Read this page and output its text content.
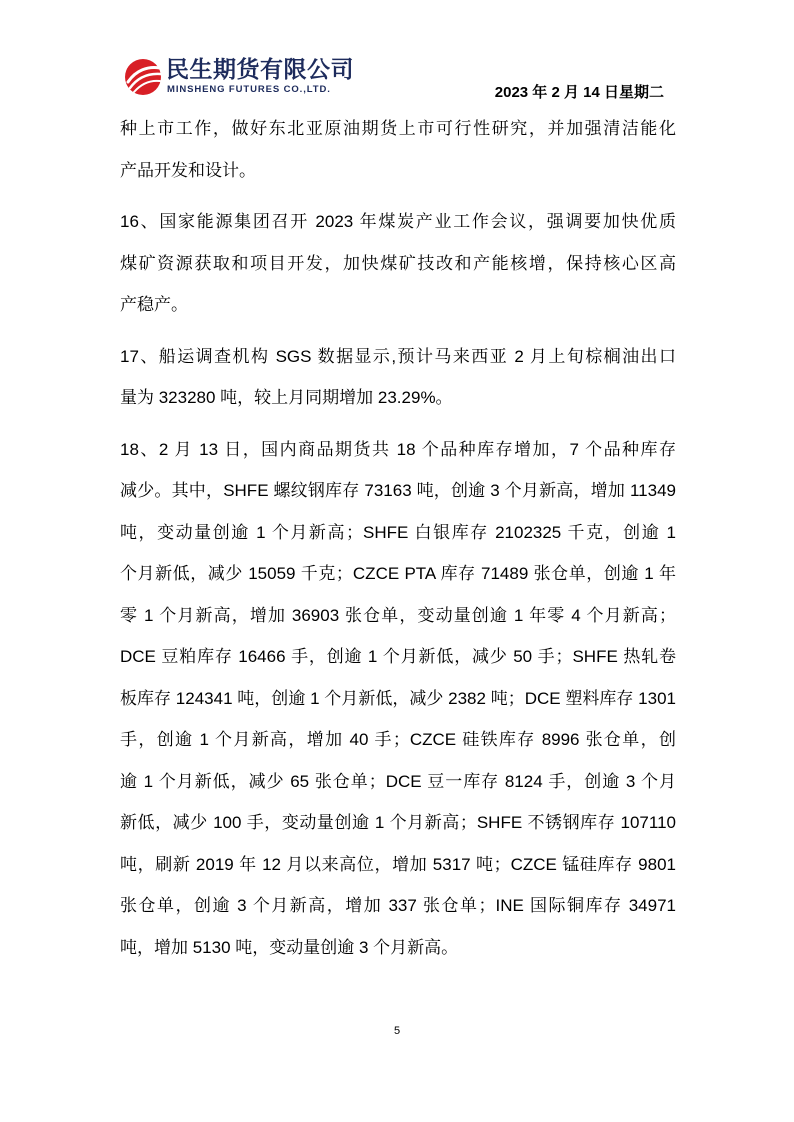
民生期货有限公司
MINSHENG FUTURES CO.,LTD.	2023 年 2 月 14 日星期二
种上市工作，做好东北亚原油期货上市可行性研究，并加强清洁能化
产品开发和设计。
16、国家能源集团召开 2023 年煤炭产业工作会议，强调要加快优质
煤矿资源获取和项目开发，加快煤矿技改和产能核增，保持核心区高
产稳产。
17、船运调查机构 SGS 数据显示,预计马来西亚 2 月上旬棕榈油出口
量为 323280 吨，较上月同期增加 23.29%。
18、2 月 13 日，国内商品期货共 18 个品种库存增加，7 个品种库存
减少。其中，SHFE 螺纹钢库存 73163 吨，创逾 3 个月新高，增加 11349
吨，变动量创逾 1 个月新高；SHFE 白银库存 2102325 千克，创逾 1
个月新低，减少 15059 千克；CZCE PTA 库存 71489 张仓单，创逾 1 年
零 1 个月新高，增加 36903 张仓单，变动量创逾 1 年零 4 个月新高；
DCE 豆粕库存 16466 手，创逾 1 个月新低，减少 50 手；SHFE 热轧卷
板库存 124341 吨，创逾 1 个月新低，减少 2382 吨；DCE 塑料库存 1301
手，创逾 1 个月新高，增加 40 手；CZCE 硅铁库存 8996 张仓单，创
逾 1 个月新低，减少 65 张仓单；DCE 豆一库存 8124 手，创逾 3 个月
新低，减少 100 手，变动量创逾 1 个月新高；SHFE 不锈钢库存 107110
吨，刷新 2019 年 12 月以来高位，增加 5317 吨；CZCE 锰硅库存 9801
张仓单，创逾 3 个月新高，增加 337 张仓单；INE 国际铜库存 34971
吨，增加 5130 吨，变动量创逾 3 个月新高。
5
